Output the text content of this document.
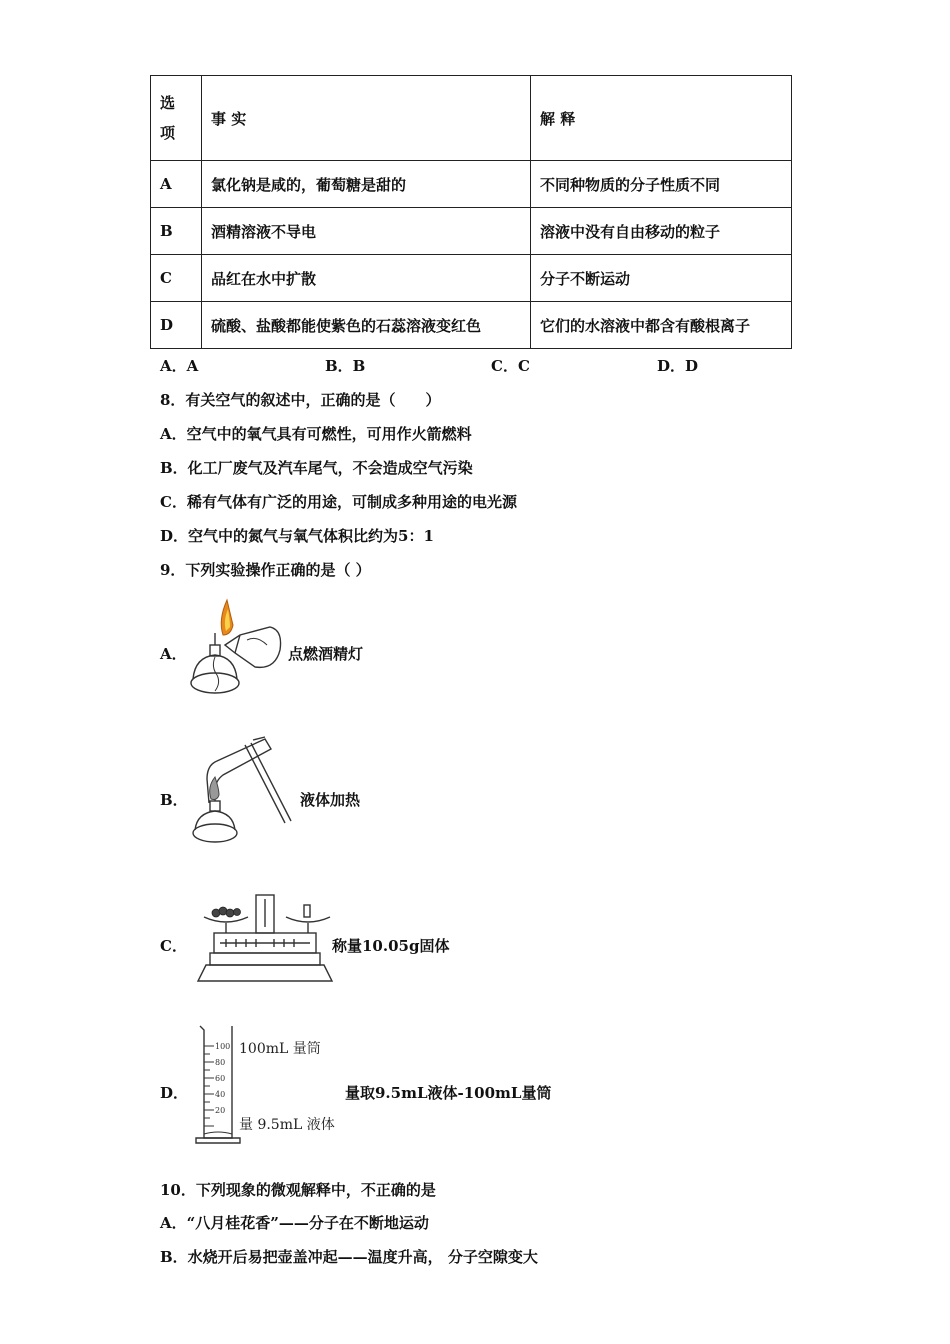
选
项	事 实	解 释
A	氯化钠是咸的，葡萄糖是甜的	不同种物质的分子性质不同
B	酒精溶液不导电	溶液中没有自由移动的粒子
C	品红在水中扩散	分子不断运动
D	硫酸、盐酸都能使紫色的石蕊溶液变红色	它们的水溶液中都含有酸根离子
A．A	B．B	C．C	D．D
8．有关空气的叙述中，正确的是（　　）
A．空气中的氧气具有可燃性，可用作火箭燃料
B．化工厂废气及汽车尾气，不会造成空气污染
C．稀有气体有广泛的用途，可制成多种用途的电光源
D．空气中的氮气与氧气体积比约为5：1
9．下列实验操作正确的是（ ）
A．	点燃酒精灯
B．	液体加热
C．	称量10.05g固体
D．
100
80
60
40
20
100mL 量筒
量 9.5mL 液体
量取9.5mL液体-100mL量筒
10．下列现象的微观解释中，不正确的是
A．“八月桂花香”——分子在不断地运动
B．水烧开后易把壶盖冲起——温度升高， 分子空隙变大
